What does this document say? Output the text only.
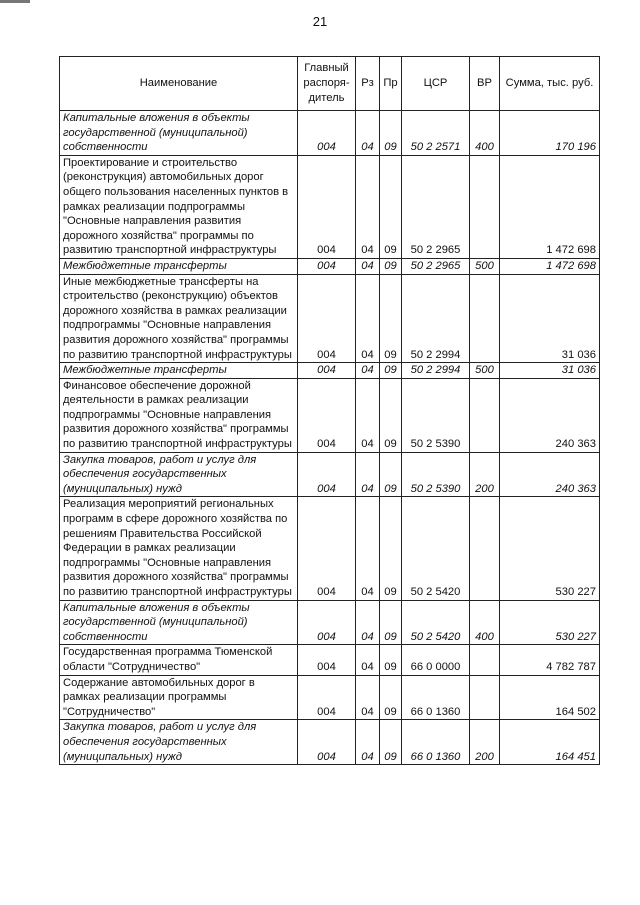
21
Наименование	Главный распоря-дитель	Рз	Пр	ЦСР	ВР	Сумма, тыс. руб.
Капитальные вложения в объекты государственной (муниципальной) собственности	004	04	09	50 2 2571	400	170 196
Проектирование и строительство (реконструкция) автомобильных дорог общего пользования населенных пунктов в рамках реализации подпрограммы "Основные направления развития дорожного хозяйства" программы по развитию транспортной инфраструктуры	004	04	09	50 2 2965		1 472 698
Межбюджетные трансферты	004	04	09	50 2 2965	500	1 472 698
Иные межбюджетные трансферты на строительство (реконструкцию) объектов дорожного хозяйства в рамках реализации подпрограммы "Основные направления развития дорожного хозяйства" программы по развитию транспортной инфраструктуры	004	04	09	50 2 2994		31 036
Межбюджетные трансферты	004	04	09	50 2 2994	500	31 036
Финансовое обеспечение дорожной деятельности в рамках реализации подпрограммы "Основные направления развития дорожного хозяйства" программы по развитию транспортной инфраструктуры	004	04	09	50 2 5390		240 363
Закупка товаров, работ и услуг для обеспечения государственных (муниципальных) нужд	004	04	09	50 2 5390	200	240 363
Реализация мероприятий региональных программ в сфере дорожного хозяйства по решениям Правительства Российской Федерации в рамках реализации подпрограммы "Основные направления развития дорожного хозяйства" программы по развитию транспортной инфраструктуры	004	04	09	50 2 5420		530 227
Капитальные вложения в объекты государственной (муниципальной) собственности	004	04	09	50 2 5420	400	530 227
Государственная программа Тюменской области "Сотрудничество"	004	04	09	66 0 0000		4 782 787
Содержание автомобильных дорог в рамках реализации программы "Сотрудничество"	004	04	09	66 0 1360		164 502
Закупка товаров, работ и услуг для обеспечения государственных (муниципальных) нужд	004	04	09	66 0 1360	200	164 451
